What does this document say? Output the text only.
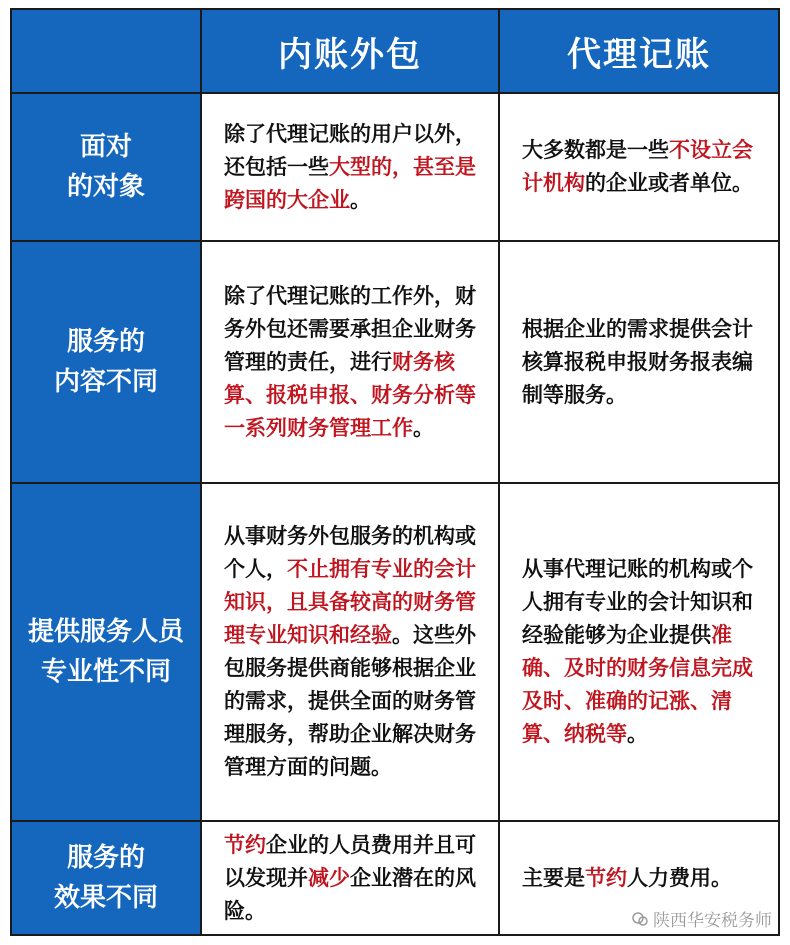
内账外包	代理记账
面对
的对象

除了代理记账的用户以外，还包括一些大型的，甚至是跨国的大企业。

大多数都是一些不设立会计机构的企业或者单位。

服务的
内容不同

除了代理记账的工作外，财务外包还需要承担企业财务管理的责任，进行财务核算、报税申报、财务分析等一系列财务管理工作。

根据企业的需求提供会计核算报税申报财务报表编制等服务。

提供服务人员
专业性不同

从事财务外包服务的机构或个人，不止拥有专业的会计知识，且具备较高的财务管理专业知识和经验。这些外包服务提供商能够根据企业的需求，提供全面的财务管理服务，帮助企业解决财务管理方面的问题。

从事代理记账的机构或个人拥有专业的会计知识和经验能够为企业提供准确、及时的财务信息完成及时、准确的记涨、清算、纳税等。

服务的
效果不同

节约企业的人员费用并且可以发现并减少企业潜在的风险。

主要是节约人力费用。

陕西华安税务师
